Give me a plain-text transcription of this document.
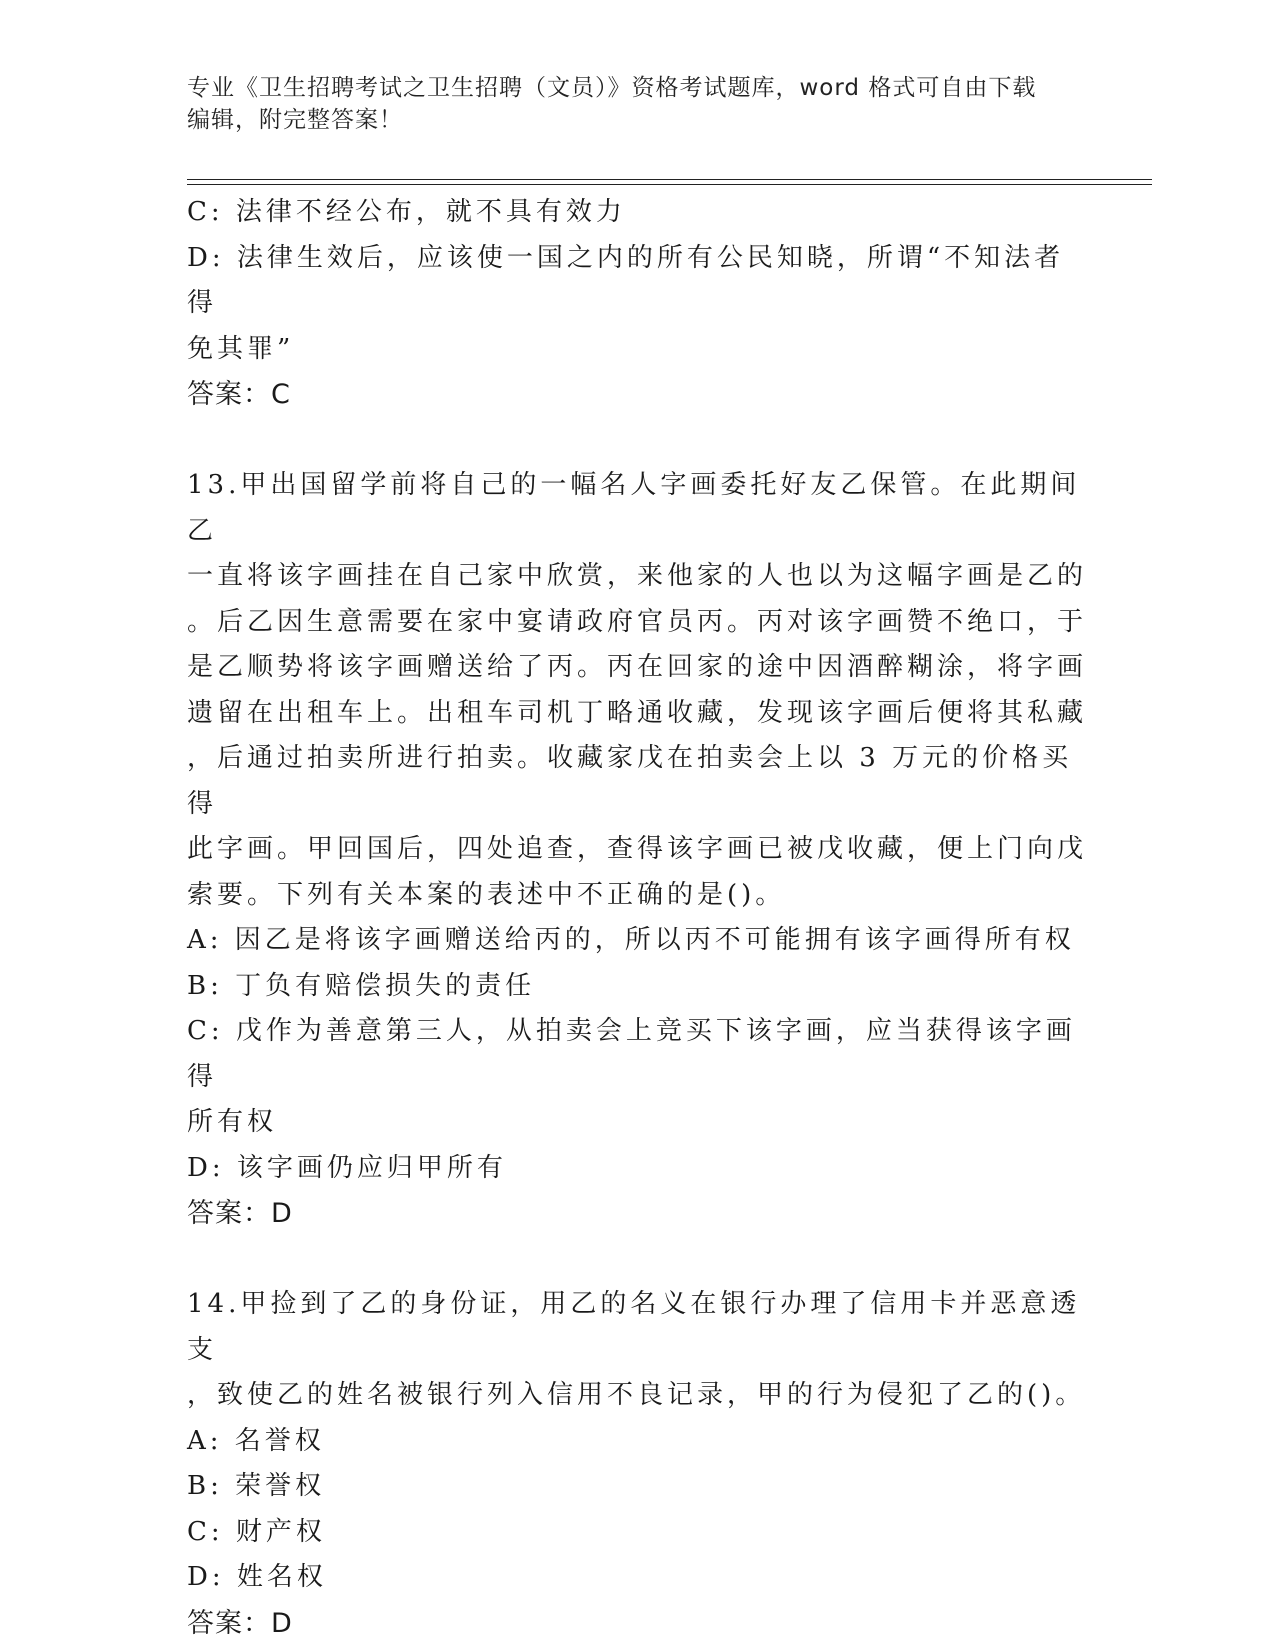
专业《卫生招聘考试之卫生招聘（文员）》资格考试题库，word 格式可自由下载
编辑，附完整答案！

C: 法律不经公布，就不具有效力

D: 法律生效后，应该使一国之内的所有公民知晓，所谓“不知法者得

免其罪”

答案：C

13.甲出国留学前将自己的一幅名人字画委托好友乙保管。在此期间乙

一直将该字画挂在自己家中欣赏，来他家的人也以为这幅字画是乙的

。后乙因生意需要在家中宴请政府官员丙。丙对该字画赞不绝口，于

是乙顺势将该字画赠送给了丙。丙在回家的途中因酒醉糊涂，将字画

遗留在出租车上。出租车司机丁略通收藏，发现该字画后便将其私藏

，后通过拍卖所进行拍卖。收藏家戊在拍卖会上以 3 万元的价格买得

此字画。甲回国后，四处追查，查得该字画已被戊收藏，便上门向戊

索要。下列有关本案的表述中不正确的是()。

A: 因乙是将该字画赠送给丙的，所以丙不可能拥有该字画得所有权

B: 丁负有赔偿损失的责任

C: 戊作为善意第三人，从拍卖会上竞买下该字画，应当获得该字画得

所有权

D: 该字画仍应归甲所有

答案：D

14.甲捡到了乙的身份证，用乙的名义在银行办理了信用卡并恶意透支

，致使乙的姓名被银行列入信用不良记录，甲的行为侵犯了乙的()。

A: 名誉权

B: 荣誉权

C: 财产权

D: 姓名权

答案：D
